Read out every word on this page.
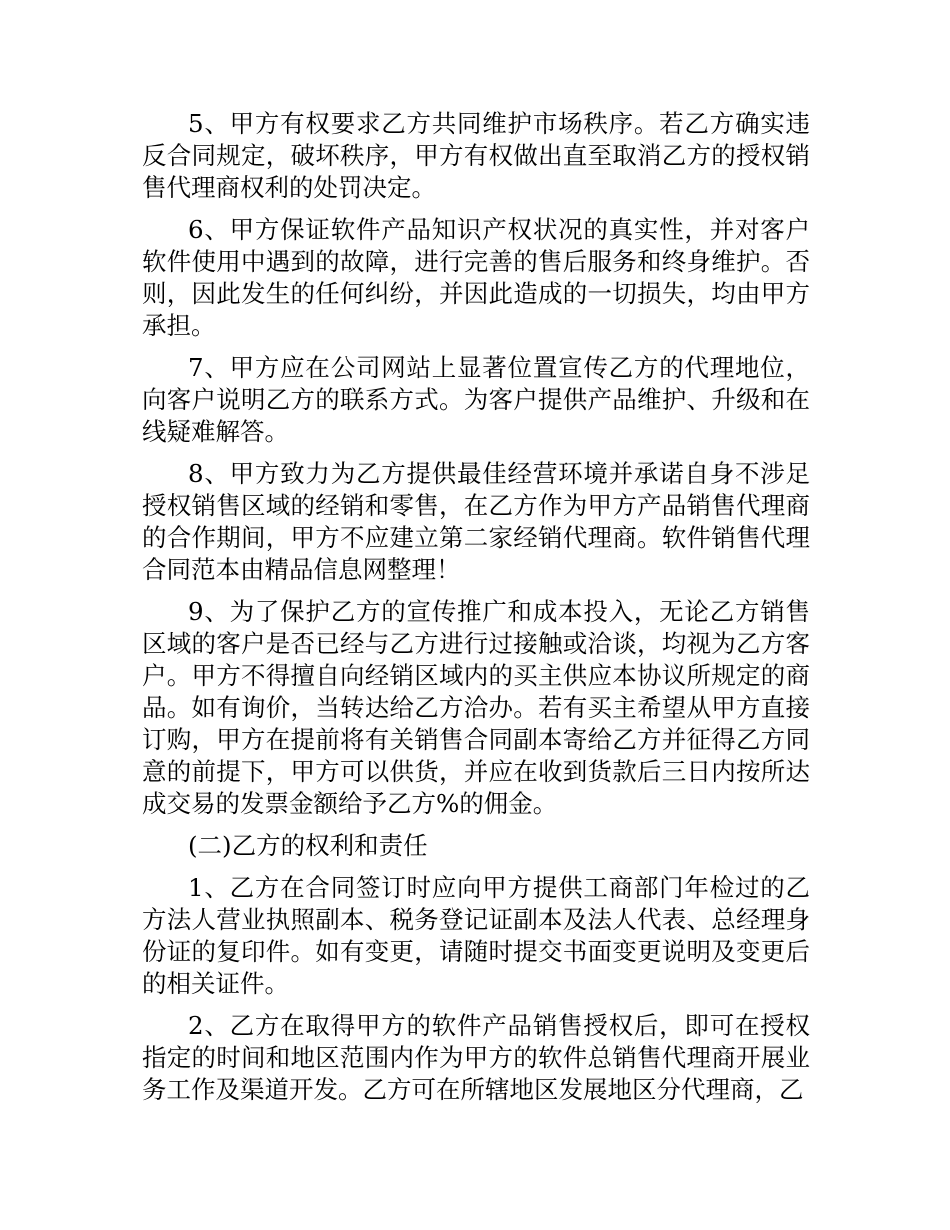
5、甲方有权要求乙方共同维护市场秩序。若乙方确实违反合同规定，破坏秩序，甲方有权做出直至取消乙方的授权销售代理商权利的处罚决定。

6、甲方保证软件产品知识产权状况的真实性，并对客户软件使用中遇到的故障，进行完善的售后服务和终身维护。否则，因此发生的任何纠纷，并因此造成的一切损失，均由甲方承担。

7、甲方应在公司网站上显著位置宣传乙方的代理地位，向客户说明乙方的联系方式。为客户提供产品维护、升级和在线疑难解答。

8、甲方致力为乙方提供最佳经营环境并承诺自身不涉足授权销售区域的经销和零售，在乙方作为甲方产品销售代理商的合作期间，甲方不应建立第二家经销代理商。软件销售代理合同范本由精品信息网整理！

9、为了保护乙方的宣传推广和成本投入，无论乙方销售区域的客户是否已经与乙方进行过接触或洽谈，均视为乙方客户。甲方不得擅自向经销区域内的买主供应本协议所规定的商品。如有询价，当转达给乙方洽办。若有买主希望从甲方直接订购，甲方在提前将有关销售合同副本寄给乙方并征得乙方同意的前提下，甲方可以供货，并应在收到货款后三日内按所达成交易的发票金额给予乙方%的佣金。

(二)乙方的权利和责任

1、乙方在合同签订时应向甲方提供工商部门年检过的乙方法人营业执照副本、税务登记证副本及法人代表、总经理身份证的复印件。如有变更，请随时提交书面变更说明及变更后的相关证件。

2、乙方在取得甲方的软件产品销售授权后，即可在授权指定的时间和地区范围内作为甲方的软件总销售代理商开展业务工作及渠道开发。乙方可在所辖地区发展地区分代理商，乙
